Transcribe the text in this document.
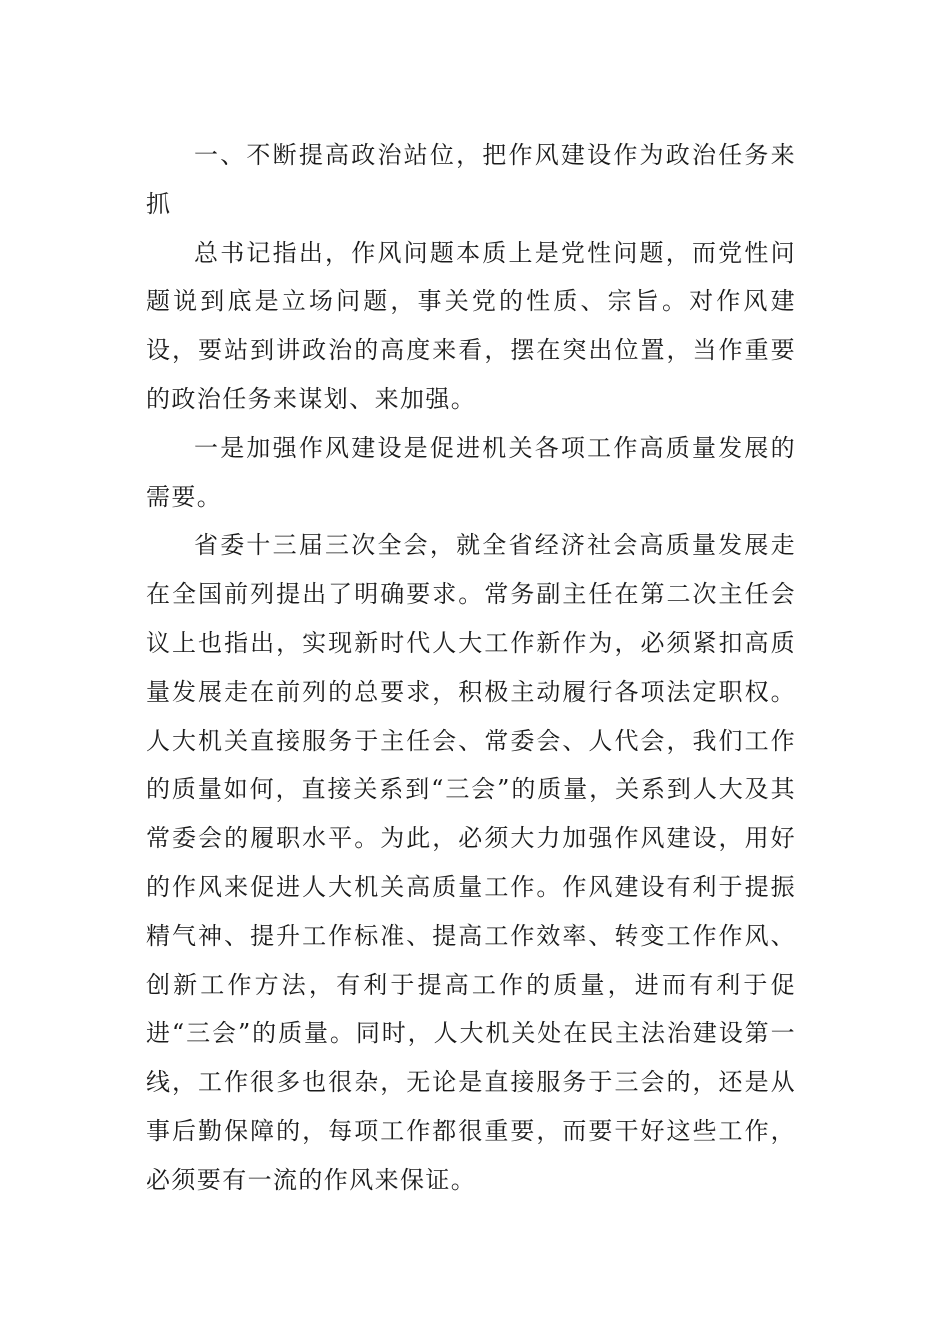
一、不断提高政治站位，把作风建设作为政治任务来抓

总书记指出，作风问题本质上是党性问题，而党性问题说到底是立场问题，事关党的性质、宗旨。对作风建设，要站到讲政治的高度来看，摆在突出位置，当作重要的政治任务来谋划、来加强。

一是加强作风建设是促进机关各项工作高质量发展的需要。

省委十三届三次全会，就全省经济社会高质量发展走在全国前列提出了明确要求。常务副主任在第二次主任会议上也指出，实现新时代人大工作新作为，必须紧扣高质量发展走在前列的总要求，积极主动履行各项法定职权。人大机关直接服务于主任会、常委会、人代会，我们工作的质量如何，直接关系到“三会”的质量，关系到人大及其常委会的履职水平。为此，必须大力加强作风建设，用好的作风来促进人大机关高质量工作。作风建设有利于提振精气神、提升工作标准、提高工作效率、转变工作作风、创新工作方法，有利于提高工作的质量，进而有利于促进“三会”的质量。同时，人大机关处在民主法治建设第一线，工作很多也很杂，无论是直接服务于三会的，还是从事后勤保障的，每项工作都很重要，而要干好这些工作，必须要有一流的作风来保证。
